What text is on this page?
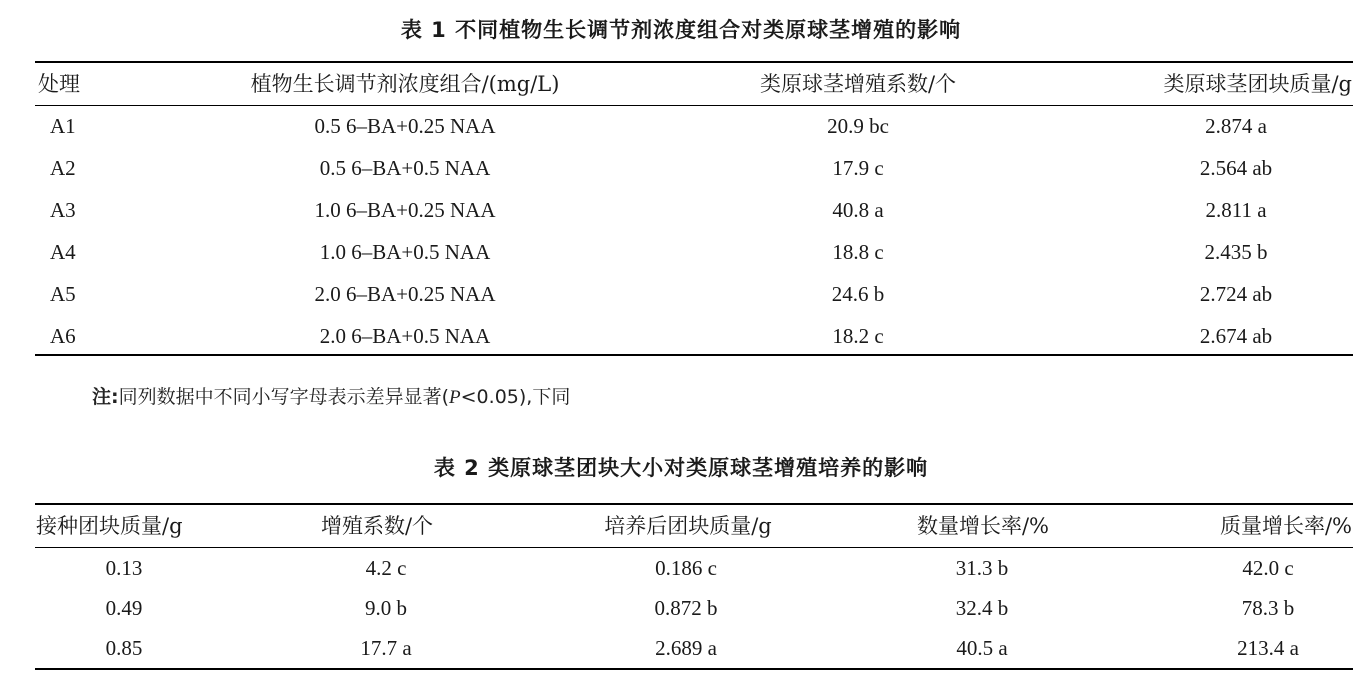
表 1 不同植物生长调节剂浓度组合对类原球茎增殖的影响
处理	植物生长调节剂浓度组合/(mg/L)	类原球茎增殖系数/个	类原球茎团块质量/g
A1	0.5 6–BA+0.25 NAA	20.9 bc	2.874 a
A2	0.5 6–BA+0.5 NAA	17.9 c	2.564 ab
A3	1.0 6–BA+0.25 NAA	40.8 a	2.811 a
A4	1.0 6–BA+0.5 NAA	18.8 c	2.435 b
A5	2.0 6–BA+0.25 NAA	24.6 b	2.724 ab
A6	2.0 6–BA+0.5 NAA	18.2 c	2.674 ab
注:同列数据中不同小写字母表示差异显著(P<0.05),下同
表 2 类原球茎团块大小对类原球茎增殖培养的影响
接种团块质量/g	增殖系数/个	培养后团块质量/g	数量增长率/%	质量增长率/%
0.13	4.2 c	0.186 c	31.3 b	42.0 c
0.49	9.0 b	0.872 b	32.4 b	78.3 b
0.85	17.7 a	2.689 a	40.5 a	213.4 a
